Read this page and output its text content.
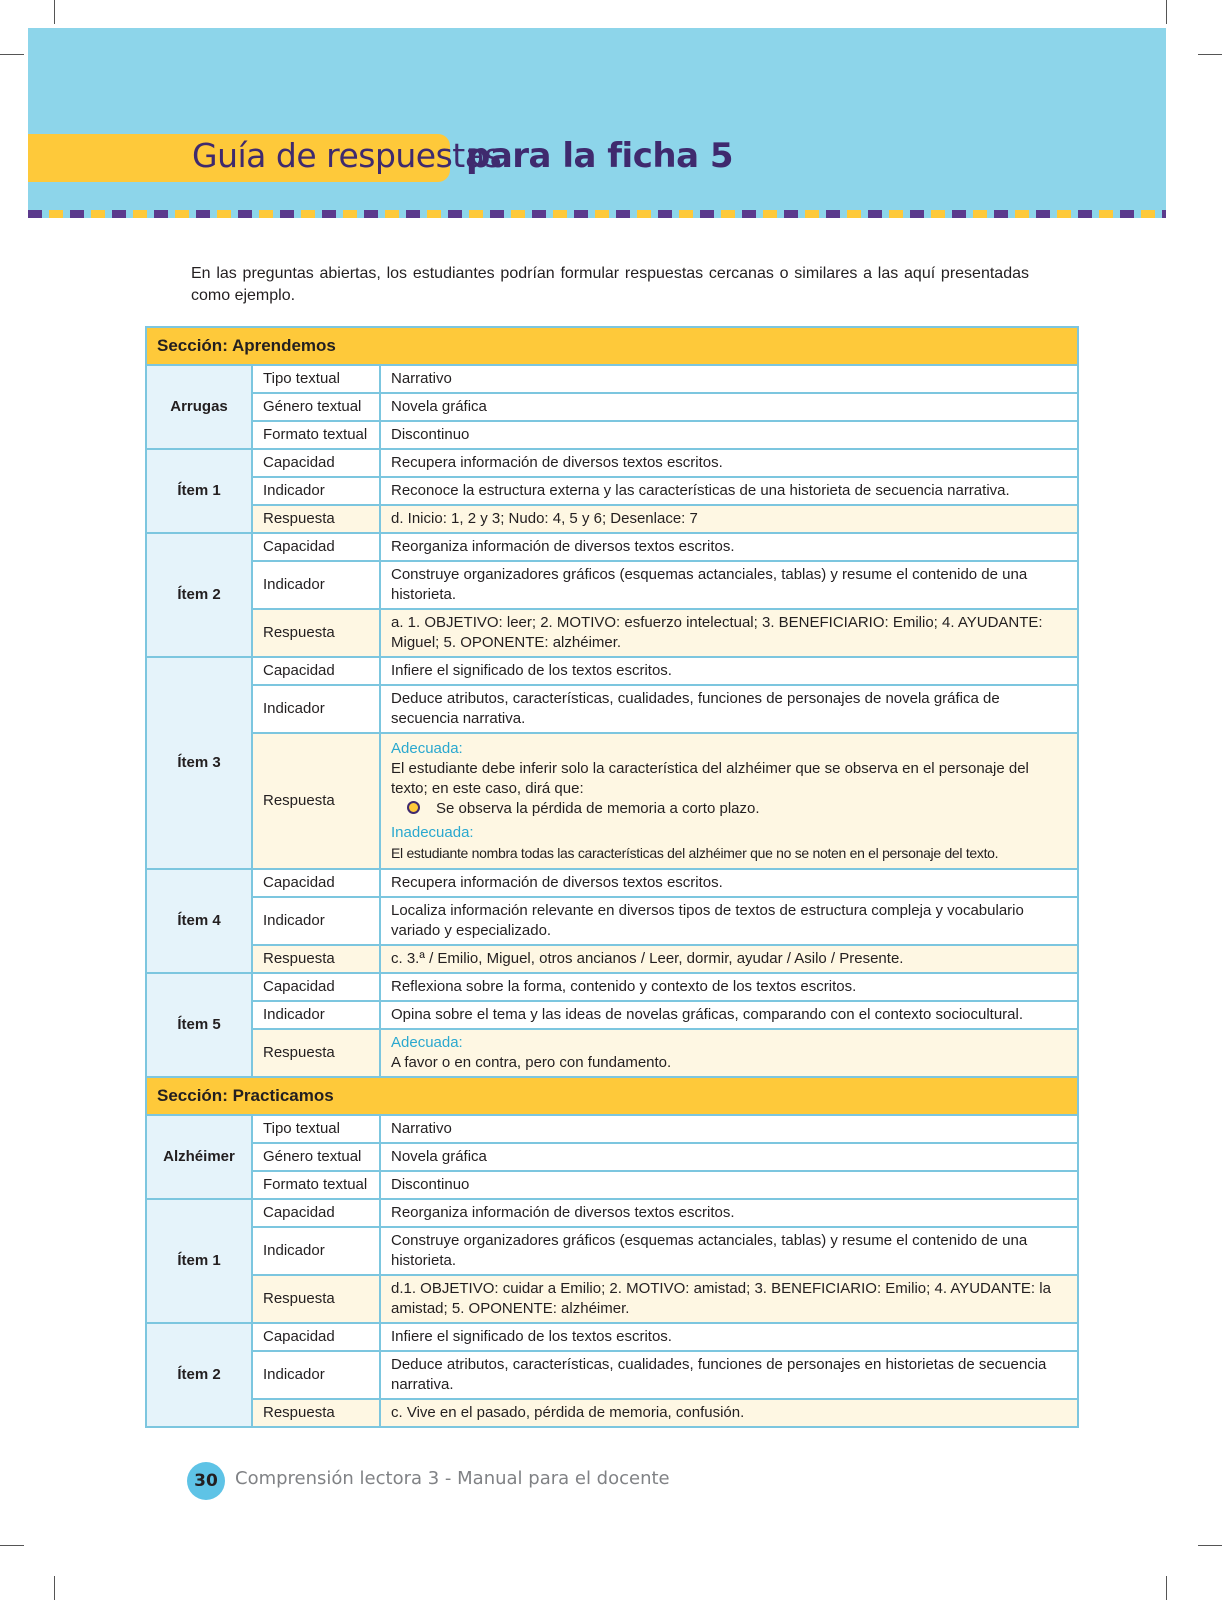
Guía de respuestas
para la ficha 5
En las preguntas abiertas, los estudiantes podrían formular respuestas cercanas o similares a las aquí presentadas como ejemplo.
Sección: Aprendemos		
Arrugas	Tipo textual	Narrativo
	Género textual	Novela gráfica
	Formato textual	Discontinuo
Ítem 1	Capacidad	Recupera información de diversos textos escritos.
	Indicador	Reconoce la estructura externa y las características de una historieta de secuencia narrativa.
	Respuesta	d. Inicio: 1, 2 y 3; Nudo: 4, 5 y 6; Desenlace: 7
Ítem 2	Capacidad	Reorganiza información de diversos textos escritos.
	Indicador	Construye organizadores gráficos (esquemas actanciales, tablas) y resume el contenido de una historieta.
	Respuesta	a. 1. OBJETIVO: leer; 2. MOTIVO: esfuerzo intelectual; 3. BENEFICIARIO: Emilio; 4. AYUDANTE: Miguel; 5. OPONENTE: alzhéimer.
Ítem 3	Capacidad	Infiere el significado de los textos escritos.
	Indicador	Deduce atributos, características, cualidades, funciones de personajes de novela gráfica de secuencia narrativa.
	Respuesta	Adecuada:
El estudiante debe inferir solo la característica del alzhéimer que se observa en el personaje del texto; en este caso, dirá que:
Se observa la pérdida de memoria a corto plazo.
Inadecuada:
El estudiante nombra todas las características del alzhéimer que no se noten en el personaje del texto.

Ítem 4	Capacidad	Recupera información de diversos textos escritos.
	Indicador	Localiza información relevante en diversos tipos de textos de estructura compleja y vocabulario variado y especializado.
	Respuesta	c. 3.ª / Emilio, Miguel, otros ancianos / Leer, dormir, ayudar / Asilo / Presente.
Ítem 5	Capacidad	Reflexiona sobre la forma, contenido y contexto de los textos escritos.
	Indicador	Opina sobre el tema y las ideas de novelas gráficas, comparando con el contexto sociocultural.
	Respuesta	Adecuada:
A favor o en contra, pero con fundamento.

Sección: Practicamos		
Alzhéimer	Tipo textual	Narrativo
	Género textual	Novela gráfica
	Formato textual	Discontinuo
Ítem 1	Capacidad	Reorganiza información de diversos textos escritos.
	Indicador	Construye organizadores gráficos (esquemas actanciales, tablas) y resume el contenido de una historieta.
	Respuesta	d.1. OBJETIVO: cuidar a Emilio; 2. MOTIVO: amistad; 3. BENEFICIARIO: Emilio; 4. AYUDANTE: la amistad; 5. OPONENTE: alzhéimer.
Ítem 2	Capacidad	Infiere el significado de los textos escritos.
	Indicador	Deduce atributos, características, cualidades, funciones de personajes en historietas de secuencia narrativa.
	Respuesta	c. Vive en el pasado, pérdida de memoria, confusión.
30 Comprensión lectora 3 - Manual para el docente
